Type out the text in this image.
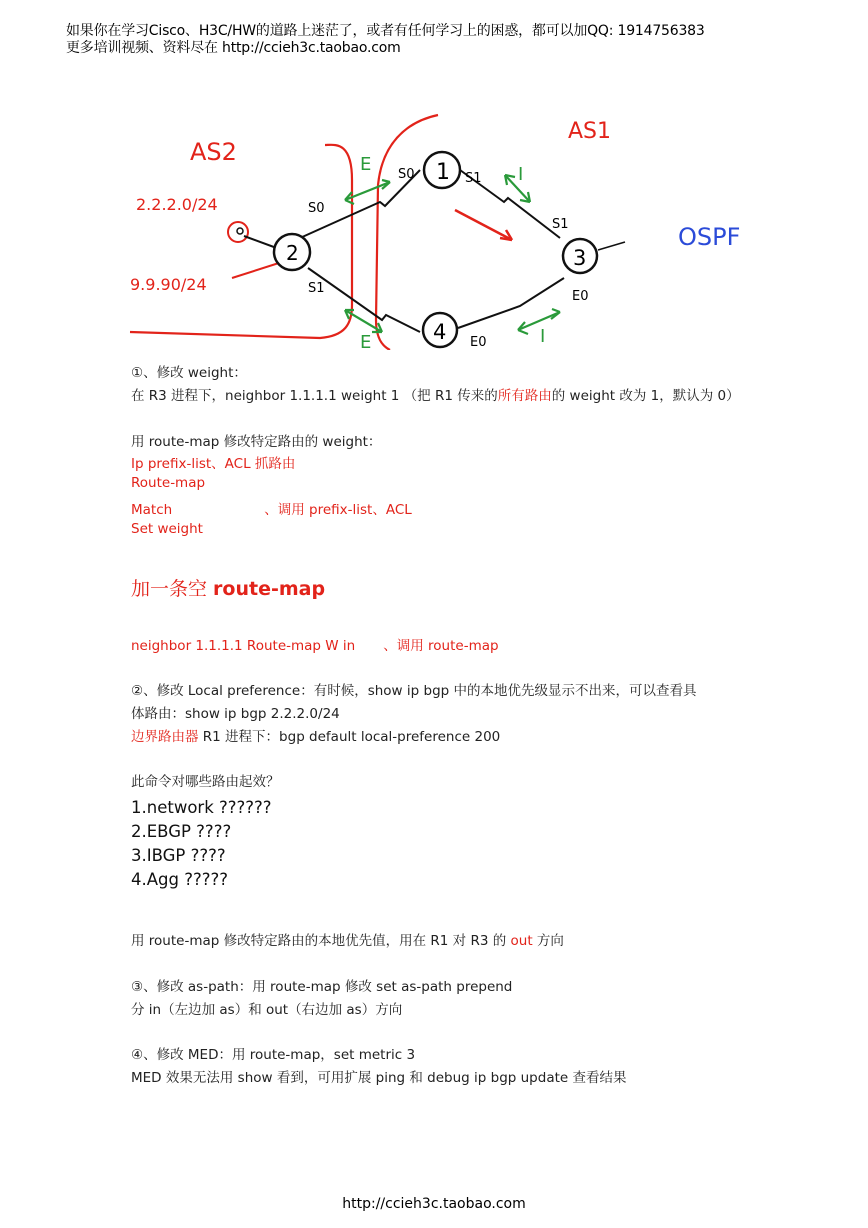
如果你在学习Cisco、H3C/HW的道路上迷茫了，或者有任何学习上的困惑，都可以加QQ: 1914756383
更多培训视频、资料尽在 http://ccieh3c.taobao.com
AS2
AS1
OSPF
2.2.2.0/24
9.9.90/24
2
1
3
4
S0
S1
S0	S1
S1
E0
E0
E
E
I
I
①、修改 weight：
在 R3 进程下，neighbor 1.1.1.1 weight 1 （把 R1 传来的所有路由的 weight 改为 1，默认为 0）
用 route-map 修改特定路由的 weight：
Ip prefix-list、ACL 抓路由
Route-map
Match	、调用 prefix-list、ACL
Set weight
加一条空 route-map
neighbor 1.1.1.1 Route-map W in 、调用 route-map
②、修改 Local preference：有时候，show ip bgp 中的本地优先级显示不出来，可以查看具
体路由：show ip bgp 2.2.2.0/24
边界路由器 R1 进程下：bgp default local-preference 200
此命令对哪些路由起效？
1.network ??????
2.EBGP ????
3.IBGP ????
4.Agg ?????
用 route-map 修改特定路由的本地优先值，用在 R1 对 R3 的 out 方向
③、修改 as-path：用 route-map 修改 set as-path prepend
分 in（左边加 as）和 out（右边加 as）方向
④、修改 MED：用 route-map，set metric 3
MED 效果无法用 show 看到，可用扩展 ping 和 debug ip bgp update 查看结果
http://ccieh3c.taobao.com
